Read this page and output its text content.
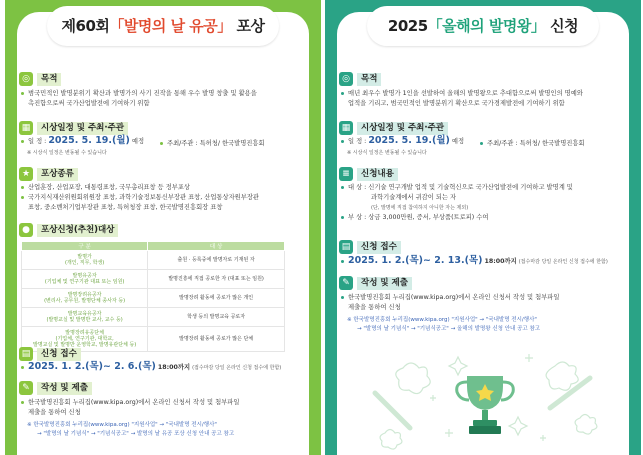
제60회「발명의 날 유공」 포상
◎	목적
범국민적인 발명분위기 확산과 발명가의 사기 진작을 통해 우수 발명 창출 및 활용을
촉진함으로써 국가산업발전에 기여하기 위함
▦	시상일정 및 주최·주관
일 정 : 2025. 5. 19.(월) 예정	주최/주관 : 특허청/ 한국발명진흥회
※ 시상식 일정은 변동될 수 있습니다
★	포상종류
산업훈장, 산업포장, 대통령표창, 국무총리표창 등 정부포상
국가지식재산위원회위원장 표창, 과학기술정보통신부장관 표창, 산업통상자원부장관
표창, 중소벤처기업부장관 표창, 특허청장 표창, 한국발명진흥회장 표창
●	포상신청(추천)대상
구 분	대 상
발명가
(개인, 직무, 학생)	출원 · 등록중에 발명자로 기재된 자
발명유공자
(기업체 및 연구기관 대표 또는 임원)	발명진흥에 직접 공로한 자 (대표 또는 임원)
발명장려유공자
(변리사, 공무원, 발명단체 종사자 등)	발명장려 활동에 공로가 많은 개인
발명교육유공자
(발명교실 및 발명반 교사, 교수 등)	학생 등의 발명교육 공로자
발명장려유공단체
(기업체, 연구기관, 대학교,
발명교실 및 발명반 운영학교, 발명유관단체 등)	발명장려 활동에 공로가 많은 단체
▤	신청 접수
2025. 1. 2.(목)~ 2. 6.(목) 18:00까지 (접수마감 당일 온라인 신청 접수에 한함)
✎	작성 및 제출
한국발명진흥회 누리집(www.kipa.org)에서 온라인 신청서 작성 및 첨부파일
제출을 통하여 신청
※ 한국발명진흥회 누리집(www.kipa.org) "지원사업" → "국내발명 전시/행사"
→ "발명의 날 기념식" → "기념식공고" → 발명의 날 유공 포상 신청 안내 공고 참고
2025「올해의 발명왕」 신청
◎	목적
매년 최우수 발명가 1인을 선발하여 올해의 발명왕으로 추대함으로써 발명인의 명예와
업적을 기리고, 범국민적인 발명분위기 확산으로 국가경제발전에 기여하기 위함
▦	시상일정 및 주최·주관
일 정 : 2025. 5. 19.(월) 예정	주최/주관 : 특허청/ 한국발명진흥회
※ 시상식 일정은 변동될 수 있습니다
≡	신청내용
대 상 : 신기술 연구개발 업적 및 기술혁신으로 국가산업발전에 기여하고 발명계 및
과학기술계에서 귀감이 되는 자
(단, 발명에 직접 참여하지 아니한 자는 제외)
부 상 : 상금 3,000만원, 증서, 부상품(트로피) 수여
▤	신청 접수
2025. 1. 2.(목)~ 2. 13.(목) 18:00까지 (접수마감 당일 온라인 신청 접수에 한함)
✎	작성 및 제출
한국발명진흥회 누리집(www.kipa.org)에서 온라인 신청서 작성 및 첨부파일
제출을 통하여 신청
※ 한국발명진흥회 누리집(www.kipa.org) "지원사업" → "국내발명 전시/행사"
→ "발명의 날 기념식" → "기념식공고" → 올해의 발명왕 신청 안내 공고 참고
